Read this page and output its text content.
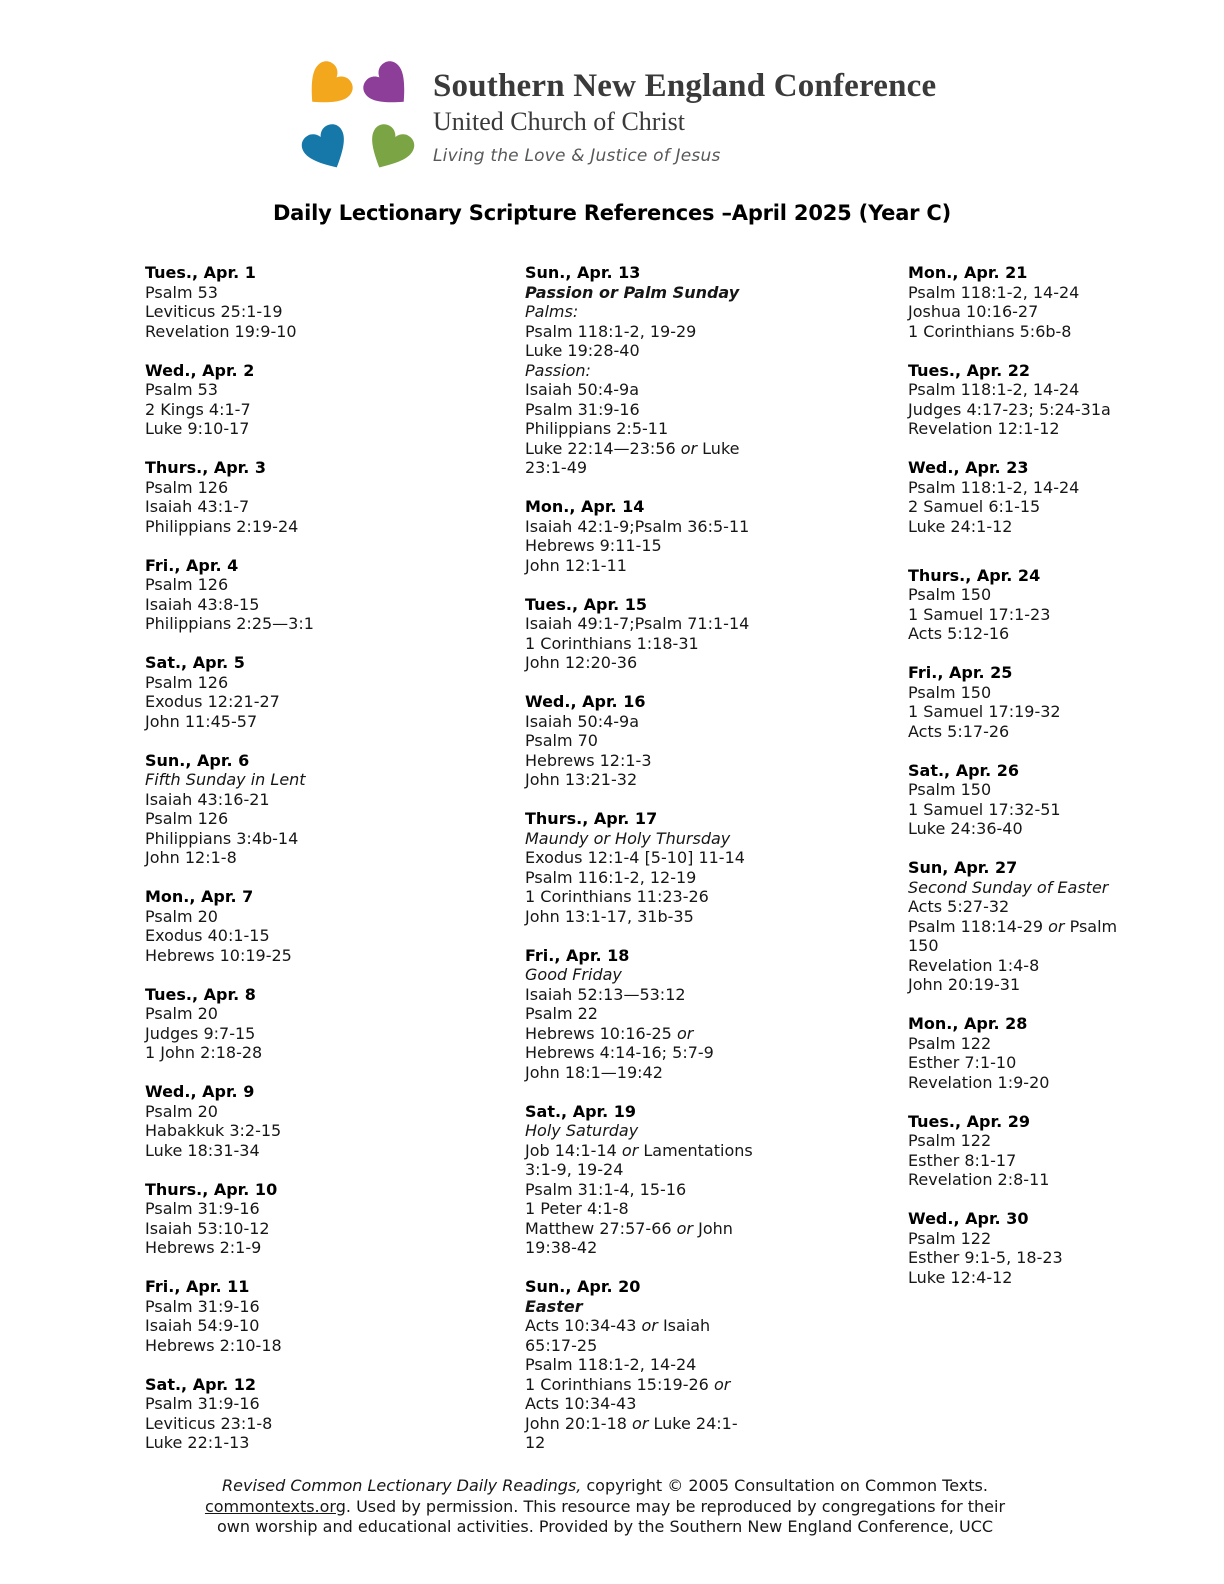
Southern New England Conference
United Church of Christ
Living the Love & Justice of Jesus
Daily Lectionary Scripture References –April 2025 (Year C)
Tues., Apr. 1
Psalm 53
Leviticus 25:1-19
Revelation 19:9-10
Wed., Apr. 2
Psalm 53
2 Kings 4:1-7
Luke 9:10-17
Thurs., Apr. 3
Psalm 126
Isaiah 43:1-7
Philippians 2:19-24
Fri., Apr. 4
Psalm 126
Isaiah 43:8-15
Philippians 2:25—3:1
Sat., Apr. 5
Psalm 126
Exodus 12:21-27
John 11:45-57
Sun., Apr. 6
Fifth Sunday in Lent
Isaiah 43:16-21
Psalm 126
Philippians 3:4b-14
John 12:1-8
Mon., Apr. 7
Psalm 20
Exodus 40:1-15
Hebrews 10:19-25
Tues., Apr. 8
Psalm 20
Judges 9:7-15
1 John 2:18-28
Wed., Apr. 9
Psalm 20
Habakkuk 3:2-15
Luke 18:31-34
Thurs., Apr. 10
Psalm 31:9-16
Isaiah 53:10-12
Hebrews 2:1-9
Fri., Apr. 11
Psalm 31:9-16
Isaiah 54:9-10
Hebrews 2:10-18
Sat., Apr. 12
Psalm 31:9-16
Leviticus 23:1-8
Luke 22:1-13
Sun., Apr. 13
Passion or Palm Sunday
Palms:
Psalm 118:1-2, 19-29
Luke 19:28-40
Passion:
Isaiah 50:4-9a
Psalm 31:9-16
Philippians 2:5-11
Luke 22:14—23:56 or Luke
23:1-49
Mon., Apr. 14
Isaiah 42:1-9;Psalm 36:5-11
Hebrews 9:11-15
John 12:1-11
Tues., Apr. 15
Isaiah 49:1-7;Psalm 71:1-14
1 Corinthians 1:18-31
John 12:20-36
Wed., Apr. 16
Isaiah 50:4-9a
Psalm 70
Hebrews 12:1-3
John 13:21-32
Thurs., Apr. 17
Maundy or Holy Thursday
Exodus 12:1-4 [5-10] 11-14
Psalm 116:1-2, 12-19
1 Corinthians 11:23-26
John 13:1-17, 31b-35
Fri., Apr. 18
Good Friday
Isaiah 52:13—53:12
Psalm 22
Hebrews 10:16-25 or
Hebrews 4:14-16; 5:7-9
John 18:1—19:42
Sat., Apr. 19
Holy Saturday
Job 14:1-14 or Lamentations
3:1-9, 19-24
Psalm 31:1-4, 15-16
1 Peter 4:1-8
Matthew 27:57-66 or John
19:38-42
Sun., Apr. 20
Easter
Acts 10:34-43 or Isaiah
65:17-25
Psalm 118:1-2, 14-24
1 Corinthians 15:19-26 or
Acts 10:34-43
John 20:1-18 or Luke 24:1-
12
Mon., Apr. 21
Psalm 118:1-2, 14-24
Joshua 10:16-27
1 Corinthians 5:6b-8
Tues., Apr. 22
Psalm 118:1-2, 14-24
Judges 4:17-23; 5:24-31a
Revelation 12:1-12
Wed., Apr. 23
Psalm 118:1-2, 14-24
2 Samuel 6:1-15
Luke 24:1-12
Thurs., Apr. 24
Psalm 150
1 Samuel 17:1-23
Acts 5:12-16
Fri., Apr. 25
Psalm 150
1 Samuel 17:19-32
Acts 5:17-26
Sat., Apr. 26
Psalm 150
1 Samuel 17:32-51
Luke 24:36-40
Sun, Apr. 27
Second Sunday of Easter
Acts 5:27-32
Psalm 118:14-29 or Psalm
150
Revelation 1:4-8
John 20:19-31
Mon., Apr. 28
Psalm 122
Esther 7:1-10
Revelation 1:9-20
Tues., Apr. 29
Psalm 122
Esther 8:1-17
Revelation 2:8-11
Wed., Apr. 30
Psalm 122
Esther 9:1-5, 18-23
Luke 12:4-12
Revised Common Lectionary Daily Readings, copyright © 2005 Consultation on Common Texts.
commontexts.org. Used by permission. This resource may be reproduced by congregations for their
own worship and educational activities. Provided by the Southern New England Conference, UCC
